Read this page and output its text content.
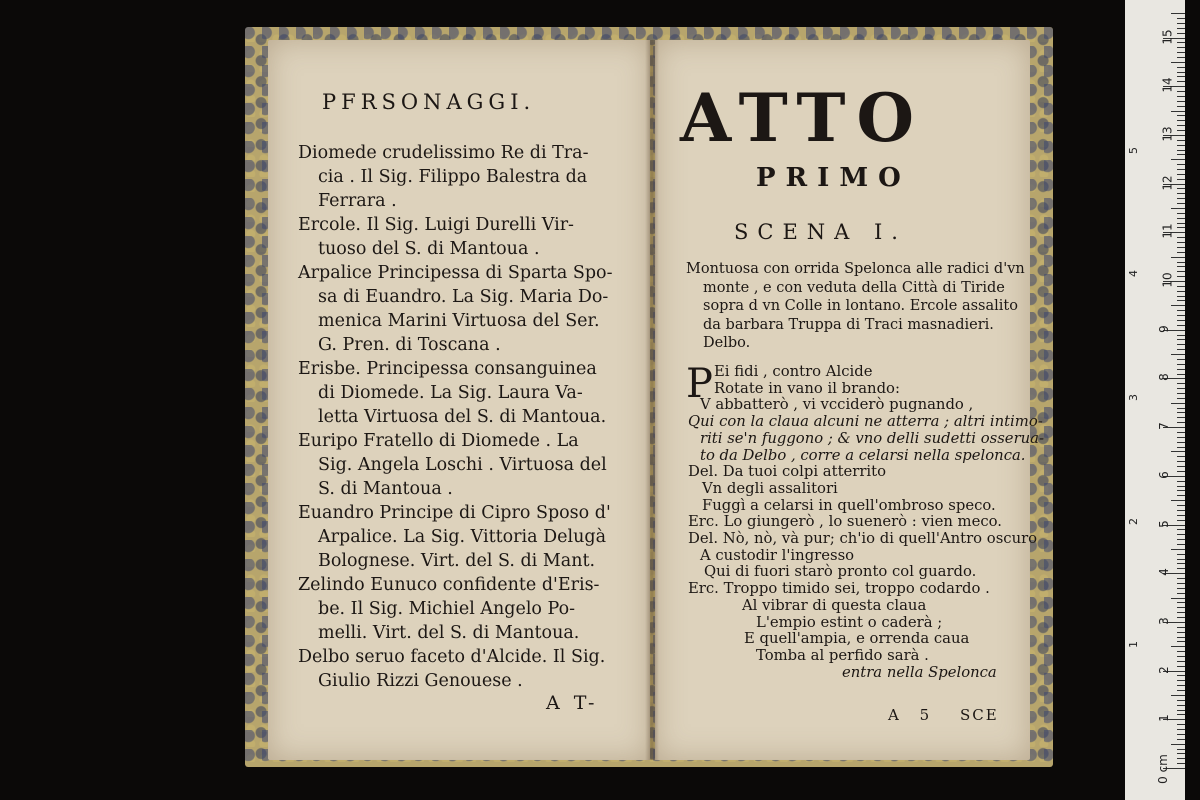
PFRSONAGGI.
Diomede crudelissimo Re di Tra-
cia . Il Sig. Filippo Balestra da
Ferrara .
Ercole. Il Sig. Luigi Durelli Vir-
tuoso del S. di Mantoua .
Arpalice Principessa di Sparta Spo-
sa di Euandro. La Sig. Maria Do-
menica Marini Virtuosa del Ser.
G. Pren. di Toscana .
Erisbe. Principessa consanguinea
di Diomede. La Sig. Laura Va-
letta Virtuosa del S. di Mantoua.
Euripo Fratello di Diomede . La
Sig. Angela Loschi . Virtuosa del
S. di Mantoua .
Euandro Principe di Cipro Sposo d'
Arpalice. La Sig. Vittoria Delugà
Bolognese. Virt. del S. di Mant.
Zelindo Eunuco confidente d'Eris-
be. Il Sig. Michiel Angelo Po-
melli. Virt. del S. di Mantoua.
Delbo seruo faceto d'Alcide. Il Sig.
Giulio Rizzi Genouese .
A T-
ATTO
PRIMO
SCENA I.
Montuosa con orrida Spelonca alle radici d'vn
monte , e con veduta della Città di Tiride
sopra d vn Colle in lontano. Ercole assalito
da barbara Truppa di Traci masnadieri.
Delbo.
P Ei fidi , contro Alcide
Rotate in vano il brando:
V abbatterò , vi vcciderò pugnando ,
Qui con la claua alcuni ne atterra ; altri intimo-
riti se'n fuggono ; & vno delli sudetti osserua-
to da Delbo , corre a celarsi nella spelonca.
Del. Da tuoi colpi atterrito
Vn degli assalitori
Fuggì a celarsi in quell'ombroso speco.
Erc. Lo giungerò , lo suenerò : vien meco.
Del. Nò, nò, và pur; ch'io di quell'Antro oscuro
A custodir l'ingresso
Qui di fuori starò pronto col guardo.
Erc. Troppo timido sei, troppo codardo .
Al vibrar di questa claua
L'empio estint o caderà ;
E quell'ampia, e orrenda caua
Tomba al perfido sarà .
entra nella Spelonca
A 5 SCE	1
2
3
4
5
6
7
8
9
10
11
12
13
14
15
0 cm
1
2
3
4
5
